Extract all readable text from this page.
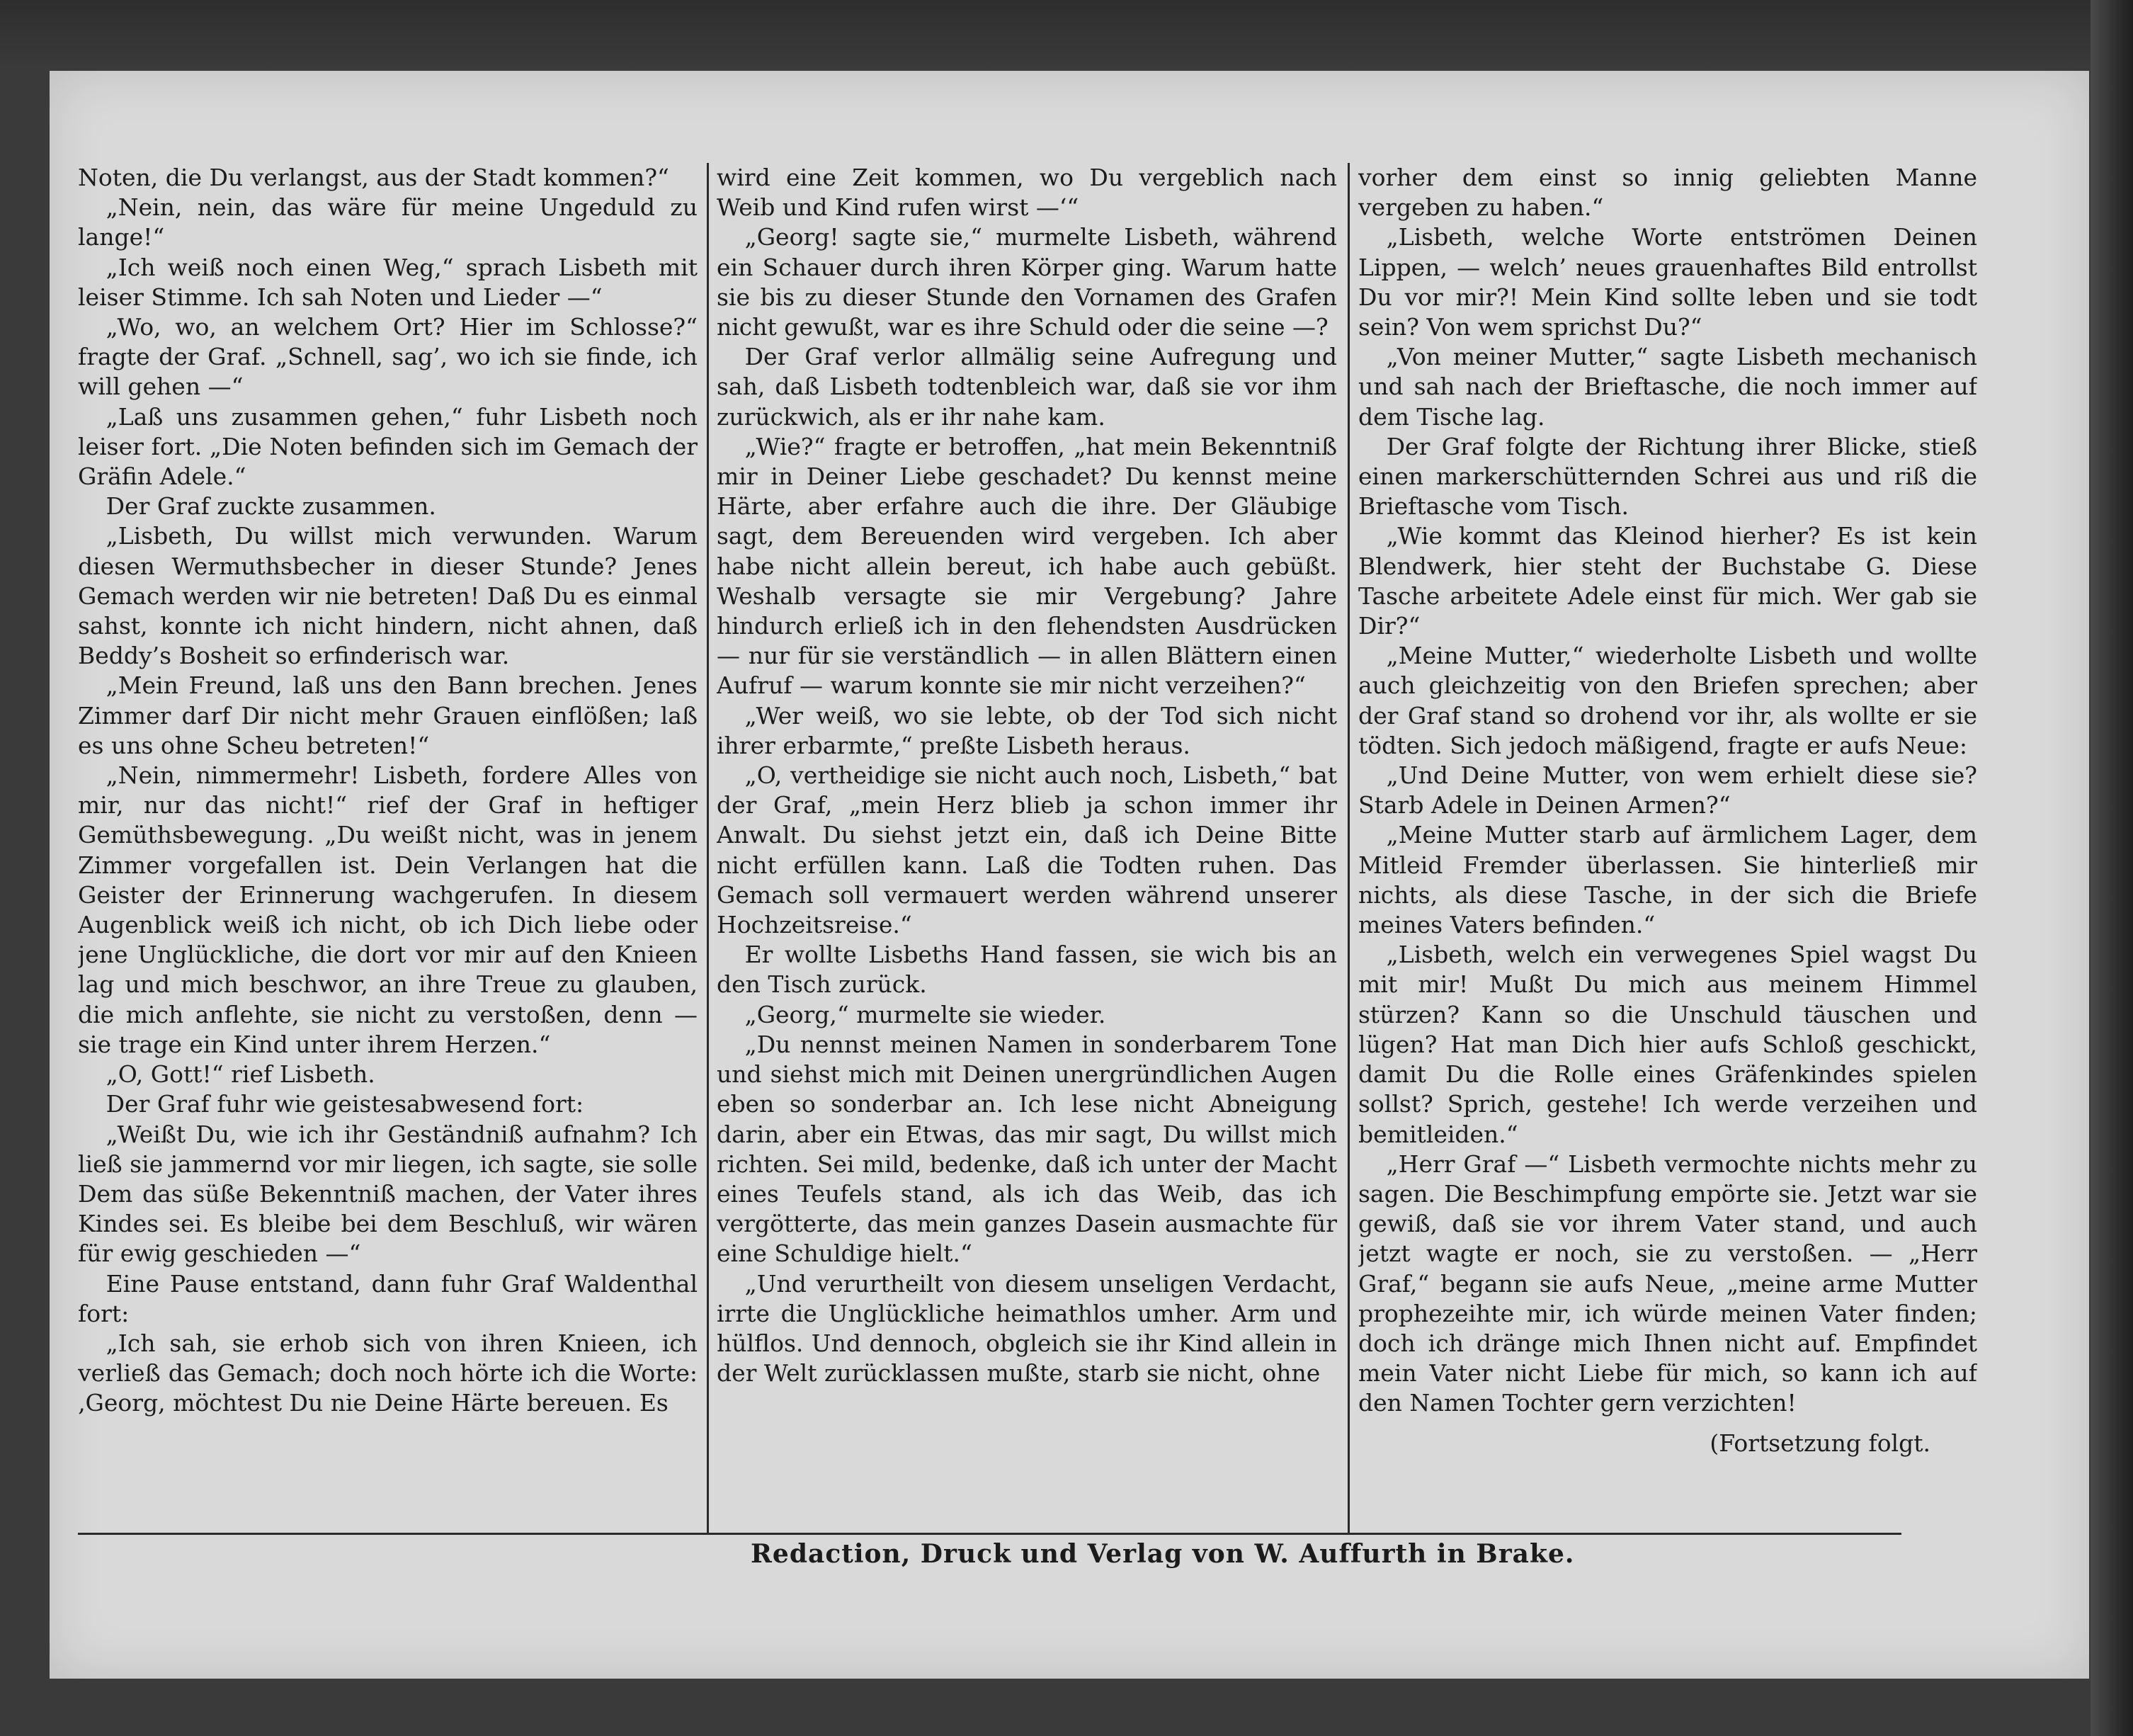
Noten, die Du verlangst, aus der Stadt kommen?“

„Nein, nein, das wäre für meine Ungeduld zu lange!“

„Ich weiß noch einen Weg,“ sprach Lisbeth mit leiser Stimme. Ich sah Noten und Lieder —“

„Wo, wo, an welchem Ort? Hier im Schlosse?“ fragte der Graf. „Schnell, sag’, wo ich sie finde, ich will gehen —“

„Laß uns zusammen gehen,“ fuhr Lisbeth noch leiser fort. „Die Noten befinden sich im Gemach der Gräfin Adele.“

Der Graf zuckte zusammen.

„Lisbeth, Du willst mich verwunden. Warum diesen Wermuthsbecher in dieser Stunde? Jenes Gemach werden wir nie betreten! Daß Du es einmal sahst, konnte ich nicht hindern, nicht ahnen, daß Beddy’s Bosheit so erfinderisch war.

„Mein Freund, laß uns den Bann brechen. Jenes Zimmer darf Dir nicht mehr Grauen einflößen; laß es uns ohne Scheu betreten!“

„Nein, nimmermehr! Lisbeth, fordere Alles von mir, nur das nicht!“ rief der Graf in heftiger Gemüthsbewegung. „Du weißt nicht, was in jenem Zimmer vorgefallen ist. Dein Verlangen hat die Geister der Erinnerung wachgerufen. In diesem Augenblick weiß ich nicht, ob ich Dich liebe oder jene Unglückliche, die dort vor mir auf den Knieen lag und mich beschwor, an ihre Treue zu glauben, die mich anflehte, sie nicht zu verstoßen, denn — sie trage ein Kind unter ihrem Herzen.“

„O, Gott!“ rief Lisbeth.

Der Graf fuhr wie geistesabwesend fort:

„Weißt Du, wie ich ihr Geständniß aufnahm? Ich ließ sie jammernd vor mir liegen, ich sagte, sie solle Dem das süße Bekenntniß machen, der Vater ihres Kindes sei. Es bleibe bei dem Beschluß, wir wären für ewig geschieden —“

Eine Pause entstand, dann fuhr Graf Waldenthal fort:

„Ich sah, sie erhob sich von ihren Knieen, ich verließ das Gemach; doch noch hörte ich die Worte: ‚Georg, möchtest Du nie Deine Härte bereuen. Es

wird eine Zeit kommen, wo Du vergeblich nach Weib und Kind rufen wirst —‘“

„Georg! sagte sie,“ murmelte Lisbeth, während ein Schauer durch ihren Körper ging. Warum hatte sie bis zu dieser Stunde den Vornamen des Grafen nicht gewußt, war es ihre Schuld oder die seine —?

Der Graf verlor allmälig seine Aufregung und sah, daß Lisbeth todtenbleich war, daß sie vor ihm zurückwich, als er ihr nahe kam.

„Wie?“ fragte er betroffen, „hat mein Bekenntniß mir in Deiner Liebe geschadet? Du kennst meine Härte, aber erfahre auch die ihre. Der Gläubige sagt, dem Bereuenden wird vergeben. Ich aber habe nicht allein bereut, ich habe auch gebüßt. Weshalb versagte sie mir Vergebung? Jahre hindurch erließ ich in den flehendsten Ausdrücken — nur für sie verständlich — in allen Blättern einen Aufruf — warum konnte sie mir nicht verzeihen?“

„Wer weiß, wo sie lebte, ob der Tod sich nicht ihrer erbarmte,“ preßte Lisbeth heraus.

„O, vertheidige sie nicht auch noch, Lisbeth,“ bat der Graf, „mein Herz blieb ja schon immer ihr Anwalt. Du siehst jetzt ein, daß ich Deine Bitte nicht erfüllen kann. Laß die Todten ruhen. Das Gemach soll vermauert werden während unserer Hochzeitsreise.“

Er wollte Lisbeths Hand fassen, sie wich bis an den Tisch zurück.

„Georg,“ murmelte sie wieder.

„Du nennst meinen Namen in sonderbarem Tone und siehst mich mit Deinen unergründlichen Augen eben so sonderbar an. Ich lese nicht Abneigung darin, aber ein Etwas, das mir sagt, Du willst mich richten. Sei mild, bedenke, daß ich unter der Macht eines Teufels stand, als ich das Weib, das ich vergötterte, das mein ganzes Dasein ausmachte für eine Schuldige hielt.“

„Und verurtheilt von diesem unseligen Verdacht, irrte die Unglückliche heimathlos umher. Arm und hülflos. Und dennoch, obgleich sie ihr Kind allein in der Welt zurücklassen mußte, starb sie nicht, ohne

vorher dem einst so innig geliebten Manne vergeben zu haben.“

„Lisbeth, welche Worte entströmen Deinen Lippen, — welch’ neues grauenhaftes Bild entrollst Du vor mir?! Mein Kind sollte leben und sie todt sein? Von wem sprichst Du?“

„Von meiner Mutter,“ sagte Lisbeth mechanisch und sah nach der Brieftasche, die noch immer auf dem Tische lag.

Der Graf folgte der Richtung ihrer Blicke, stieß einen markerschütternden Schrei aus und riß die Brieftasche vom Tisch.

„Wie kommt das Kleinod hierher? Es ist kein Blendwerk, hier steht der Buchstabe G. Diese Tasche arbeitete Adele einst für mich. Wer gab sie Dir?“

„Meine Mutter,“ wiederholte Lisbeth und wollte auch gleichzeitig von den Briefen sprechen; aber der Graf stand so drohend vor ihr, als wollte er sie tödten. Sich jedoch mäßigend, fragte er aufs Neue:

„Und Deine Mutter, von wem erhielt diese sie? Starb Adele in Deinen Armen?“

„Meine Mutter starb auf ärmlichem Lager, dem Mitleid Fremder überlassen. Sie hinterließ mir nichts, als diese Tasche, in der sich die Briefe meines Vaters befinden.“

„Lisbeth, welch ein verwegenes Spiel wagst Du mit mir! Mußt Du mich aus meinem Himmel stürzen? Kann so die Unschuld täuschen und lügen? Hat man Dich hier aufs Schloß geschickt, damit Du die Rolle eines Gräfenkindes spielen sollst? Sprich, gestehe! Ich werde verzeihen und bemitleiden.“

„Herr Graf —“ Lisbeth vermochte nichts mehr zu sagen. Die Beschimpfung empörte sie. Jetzt war sie gewiß, daß sie vor ihrem Vater stand, und auch jetzt wagte er noch, sie zu verstoßen. — „Herr Graf,“ begann sie aufs Neue, „meine arme Mutter prophezeihte mir, ich würde meinen Vater finden; doch ich dränge mich Ihnen nicht auf. Empfindet mein Vater nicht Liebe für mich, so kann ich auf den Namen Tochter gern verzichten!

(Fortsetzung folgt.

Redaction, Druck und Verlag von W. Auffurth in Brake.
